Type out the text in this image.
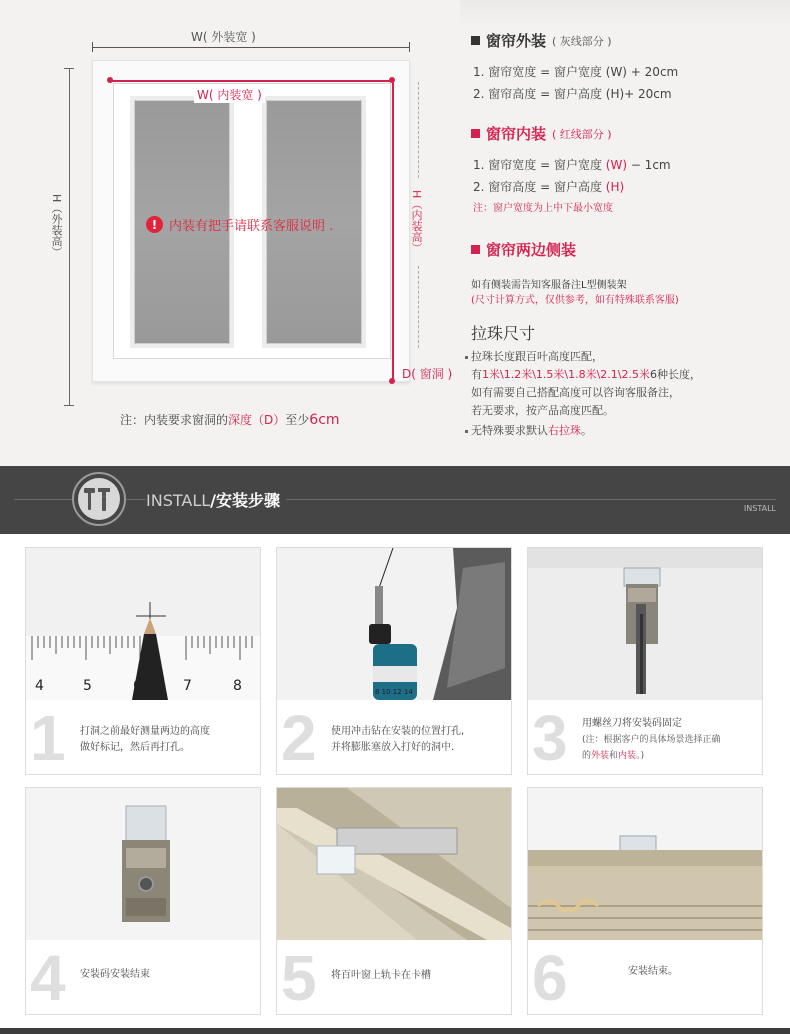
W( 外装宽 )
H（外装高）
W( 内装宽 )
H（内装高）
D( 窗洞 )
! 内装有把手请联系客服说明 .
注：内装要求窗洞的深度（D）至少6cm
窗帘外装 ( 灰线部分 )
1. 窗帘宽度 = 窗户宽度 (W) + 20cm
2. 窗帘高度 = 窗户高度 (H)+ 20cm
窗帘内装 ( 红线部分 )
1. 窗帘宽度 = 窗户宽度 (W) − 1cm
2. 窗帘高度 = 窗户高度 (H)
注：窗户宽度为上中下最小宽度
窗帘两边侧装
如有侧装需告知客服备注L型侧装架
(尺寸计算方式，仅供参考，如有特殊联系客服)
拉珠尺寸
拉珠长度跟百叶高度匹配，
有1米\1.2米\1.5米\1.8米\2.1\2.5米6种长度，
如有需要自己搭配高度可以咨询客服备注，
若无要求，按产品高度匹配。
无特殊要求默认右拉珠。
INSTALL/安装步骤	INSTALL
4	5	6	7	8
1 打洞之前最好测量两边的高度
做好标记，然后再打孔。
8 10 12 14
2 使用冲击钻在安装的位置打孔,
并将膨胀塞放入打好的洞中.	3 用螺丝刀将安装码固定
(注：根据客户的具体场景选择正确
的外装和内装。)
4 安装码安装结束	5 将百叶窗上轨卡在卡槽	6	安装结束。
